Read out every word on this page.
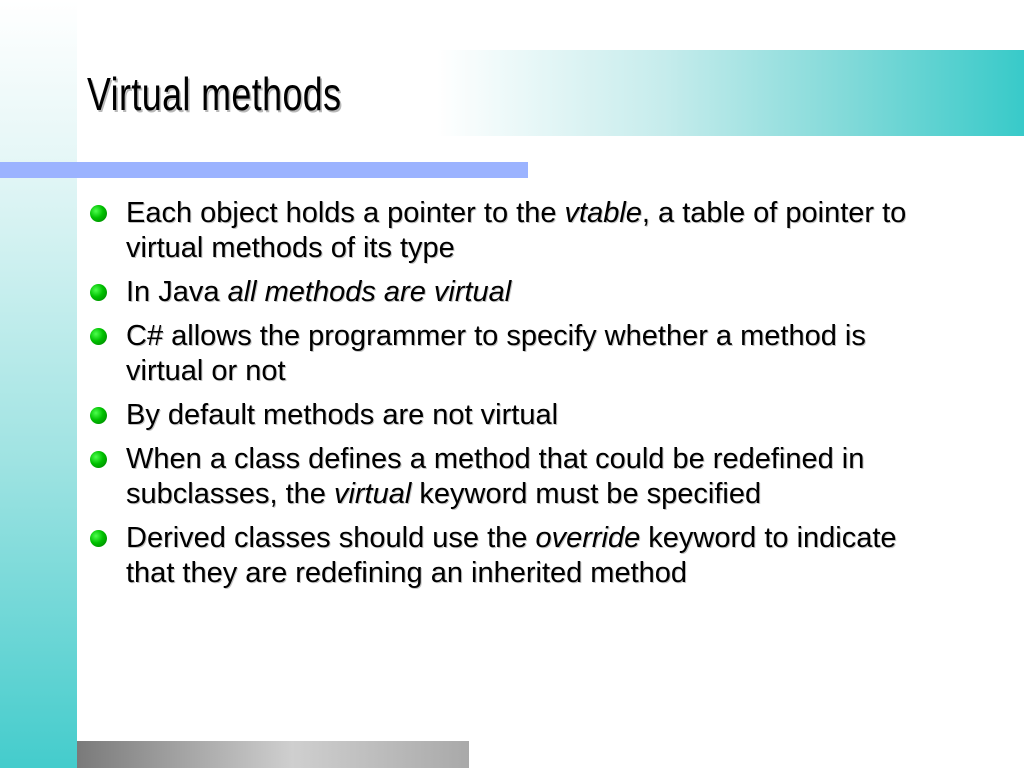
Virtual methods
Each object holds a pointer to the vtable, a table of pointer to virtual methods of its type
In Java all methods are virtual
C# allows the programmer to specify whether a method is virtual or not
By default methods are not virtual
When a class defines a method that could be redefined in subclasses, the virtual keyword must be specified
Derived classes should use the override keyword to indicate that they are redefining an inherited method
